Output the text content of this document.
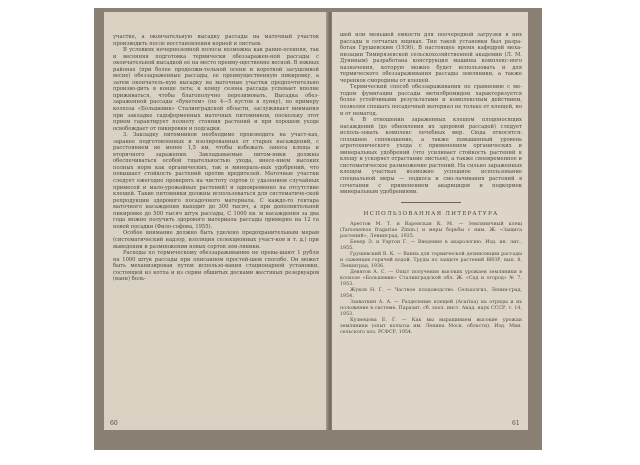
участке, а окончательную высадку рассады на маточный участок производить после восстановления корней и листьев.

В условиях нечерноземной полосы возможна как ранне-осенняя, так и весенняя подготовка термически обеззаражен-ной рассады с окончательной высадкой ее на место преиму-щественно весной. В южных районах (при более продолжи-тельной осени и короткой засушливой весне) обеззараженные рассады, ее преимущественную пикировку, а затем окончатель-ную высадку на маточные участки предпочтительно произво-дить в конце лета; к концу сезона рассада успевает вполне приживаться, чтобы благополучно перезимовать. Высадка обез-зараженной рассады «букетом» (по 4—5 кустов в лунку), по примеру колхоза «Большевик» Сталинградской области, заслуживает внимания при закладке садоформенных маточных питомников, поскольку этот прием гарантирует полноту стояния растений и при хорошем уходе освобождает от пикировки и подсадки.

3. Закладку питомников необходимо производить на участ-ках, заранее подготовленных и изолированных от старых насаждений, с расстоянием не менее 1,5 км, чтобы избежать заноса клеща и вторичного заражения. Закладываемые питом-ники должны обеспечиваться особой тщательностью ухода, внесе-нием высоких полных норм как органических, так и минераль-ных удобрений, что повышает стойкость растений против вредителей. Маточные участки следует ежегодно проверять на чистоту сортов (с удалением случайных примесей и мало-урожайных растений) и одновременно на отсутствие клещей. Такие питомники должны использоваться для систематиче-ской репродукции здорового посадочного материала. С каждо-го гектара маточного насаждения выходит до 300 тысяч, а при дополнительной пикировке до 500 тысяч штук рассады, С 1000 кв. м насаждения за два года можно получить здорового материала рассады примерно на 12 га новой посадки (Фило-софова, 1955).

Особое внимание должно быть уделено предохранительным мерам (систематический надзор, изоляция селекционных участ-ков и т. д.) при выведении и размножении новых сортов зем-ляники.

Расходы по термическому обеззараживанию не превы-шают 1 рубля на 1000 штук рассады при описанном простей-шем способе. Он может быть механизирован путем использо-вания стационарной установки, состоящей из котла и из серии обшитых досками жестяных резервуаров (ванн) боль-

шей или меньшей емкости для поочередной загрузки в них рассады в сетчатых ящиках. Тип такой установки был разра-ботан Грушевским (1936). В настоящее время кафедрой меха-низации Тимирязевской сельскохозяйственной академии (Л. М. Дуниным) разработана конструкция машины комплекс-ного назначения, которую можно будет использовать и для термического обеззараживания рассады земляники, а также черенков смородины от клещей.

Термический способ обеззараживания по сравнению с ме-тодом фумигации рассады метилбромидом характеризуется более устойчивыми результатами и комплексным действием, позволяя спешать посадочный материал не только от клещей, но и от нематод.

4. В отношении зараженных клещом плодоносящих насаждений (до обновления их здоровой рассадой) следует исполь-зовать комплекс лечебных мер. Сюда относятся: сплошное сенокошение, а также повышенный уровень агротехнического ухода с применением органических и минеральных удобрений (что усиливает стойкость растений к клещу и ускоряет отрастание листьев), а также своевременное и систематическое размножение растений. На сильно зараженных клещом участках возможно успешное использование специальной меры — подкоса и смо-лачивания растений в сочетании с применением акарицидов и подкормок минеральным удобрениями.

ИСПОЛЬЗОВАННАЯ ЛИТЕРАТУРА

Арестов М. Т. и Варенская К. М. — Земляничный клещ (Tarsonemus fragariae Zimm.) и меры борьбы с ним. Ж. «Защита растений», Ленинград, 1935.

Бекер Э. и Уэртон Г. — Введение в акарологию. Изд. ин. лит., 1955.

Грушевский В. К. — Ванна для термической дезинсекции рассады и саженцев горячей водой. Труды по защите растений ВИЗР, вып. 8, Ленинград, 1936.

Девятов А. С. — Опыт получения высоких урожаев земляники в колхозе «Большевик» Сталинградской обл. Ж. «Сад и огород» № 7, 1953.

Жуков Н. Г. — Частное плодоводство. Сельхозгиз, Ленин-град, 1954.

Захваткин А. А. — Разделение клещей (Acarina) на отряды и их положение в системе. Паразит. сб. зоол. инст. Акад. наук СССР, т. 14, 1953.

Кузнецова Е. Г. — Как мы выращиваем высокие урожаи земляники (опыт колхоза им. Ленина Моск. области). Изд. Мин. сельского хоз. РСФСР, 1954.

60	61
